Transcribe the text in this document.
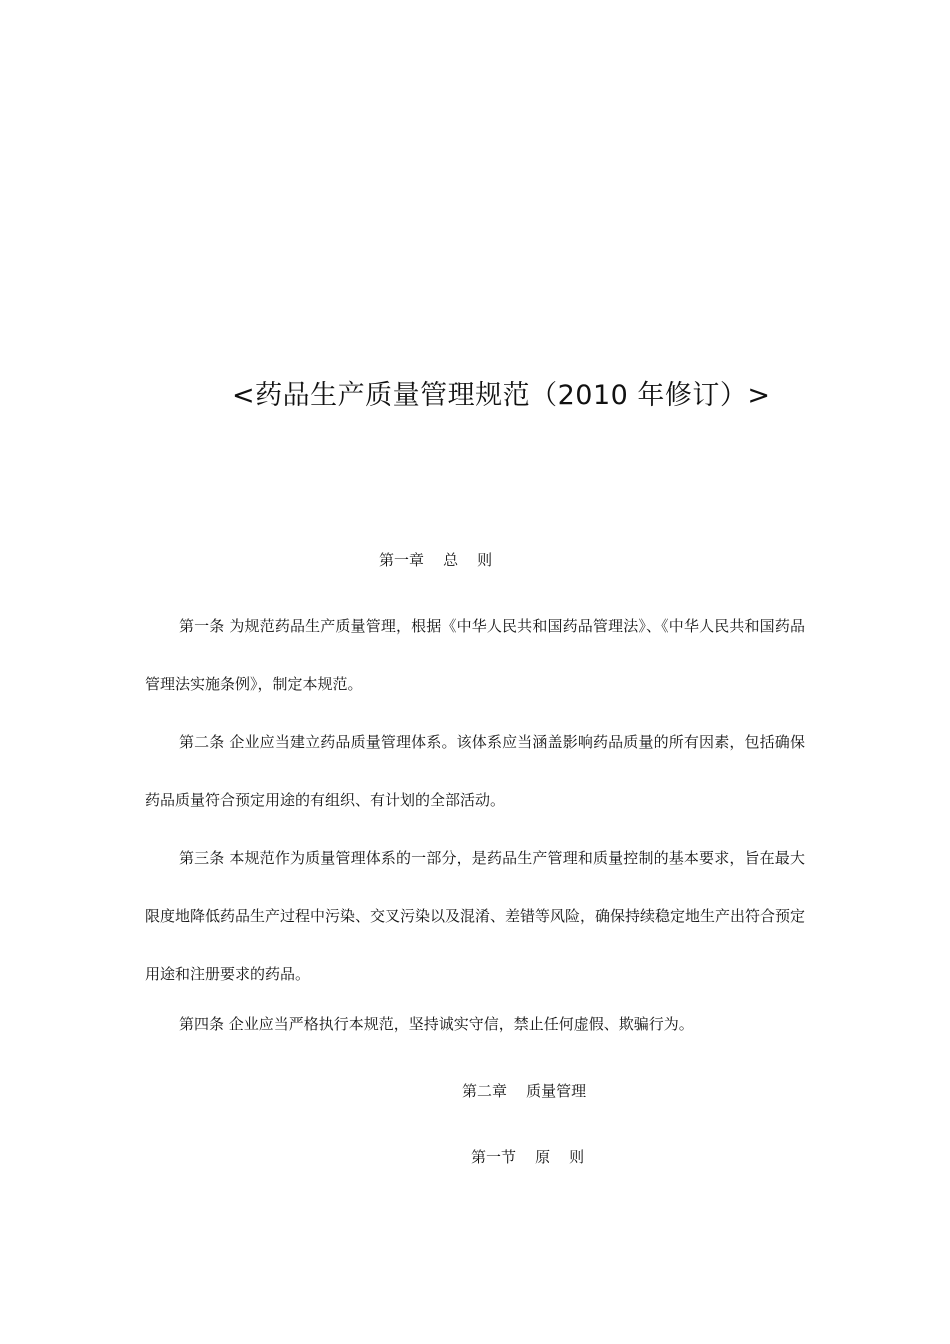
<药品生产质量管理规范（2010 年修订）>
第一章    总    则

第一条 为规范药品生产质量管理，根据《中华人民共和国药品管理法》、《中华人民共和国药品管理法实施条例》，制定本规范。

第二条 企业应当建立药品质量管理体系。该体系应当涵盖影响药品质量的所有因素，包括确保药品质量符合预定用途的有组织、有计划的全部活动。

第三条 本规范作为质量管理体系的一部分，是药品生产管理和质量控制的基本要求，旨在最大限度地降低药品生产过程中污染、交叉污染以及混淆、差错等风险，确保持续稳定地生产出符合预定用途和注册要求的药品。

第四条 企业应当严格执行本规范，坚持诚实守信，禁止任何虚假、欺骗行为。

第二章    质量管理
第一节    原    则
